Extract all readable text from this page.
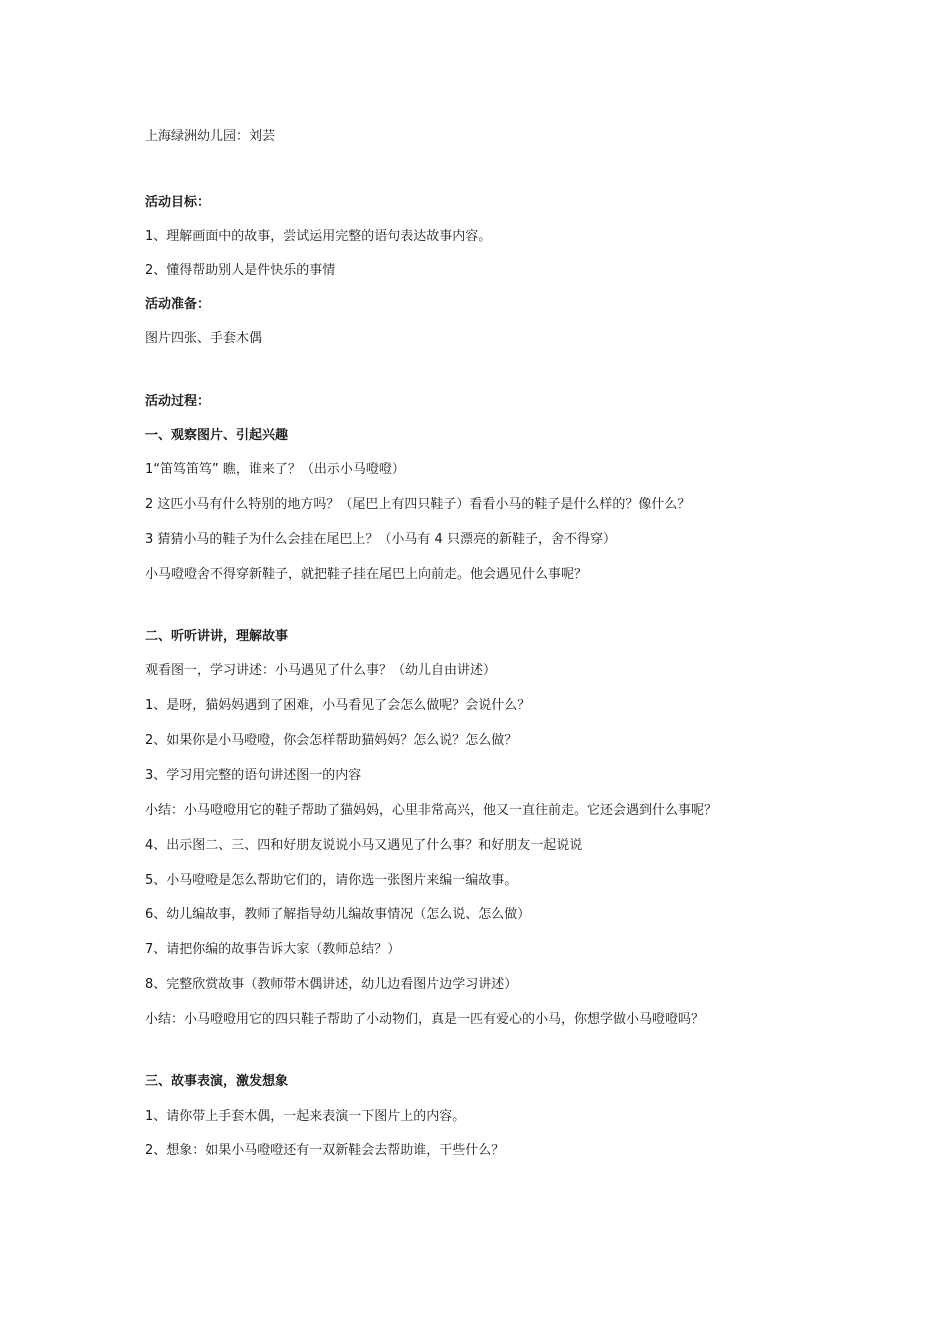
上海绿洲幼儿园：刘芸
活动目标：
1、理解画面中的故事，尝试运用完整的语句表达故事内容。
2、懂得帮助别人是件快乐的事情
活动准备：
图片四张、手套木偶
活动过程：
一、观察图片、引起兴趣
1“笛笃笛笃” 瞧，谁来了？（出示小马噔噔）
2 这匹小马有什么特别的地方吗？（尾巴上有四只鞋子）看看小马的鞋子是什么样的？像什么？
3 猜猜小马的鞋子为什么会挂在尾巴上？（小马有 4 只漂亮的新鞋子，舍不得穿）
小马噔噔舍不得穿新鞋子，就把鞋子挂在尾巴上向前走。他会遇见什么事呢？
二、听听讲讲，理解故事
观看图一，学习讲述：小马遇见了什么事？（幼儿自由讲述）
1、是呀，猫妈妈遇到了困难，小马看见了会怎么做呢？会说什么？
2、如果你是小马噔噔，你会怎样帮助猫妈妈？怎么说？怎么做？
3、学习用完整的语句讲述图一的内容
小结：小马噔噔用它的鞋子帮助了猫妈妈，心里非常高兴，他又一直往前走。它还会遇到什么事呢？
4、出示图二、三、四和好朋友说说小马又遇见了什么事？和好朋友一起说说
5、小马噔噔是怎么帮助它们的，请你选一张图片来编一编故事。
6、幼儿编故事，教师了解指导幼儿编故事情况（怎么说、怎么做）
7、请把你编的故事告诉大家（教师总结？）
8、完整欣赏故事（教师带木偶讲述，幼儿边看图片边学习讲述）
小结：小马噔噔用它的四只鞋子帮助了小动物们，真是一匹有爱心的小马，你想学做小马噔噔吗？
三、故事表演，激发想象
1、请你带上手套木偶，一起来表演一下图片上的内容。
2、想象：如果小马噔噔还有一双新鞋会去帮助谁，干些什么？
